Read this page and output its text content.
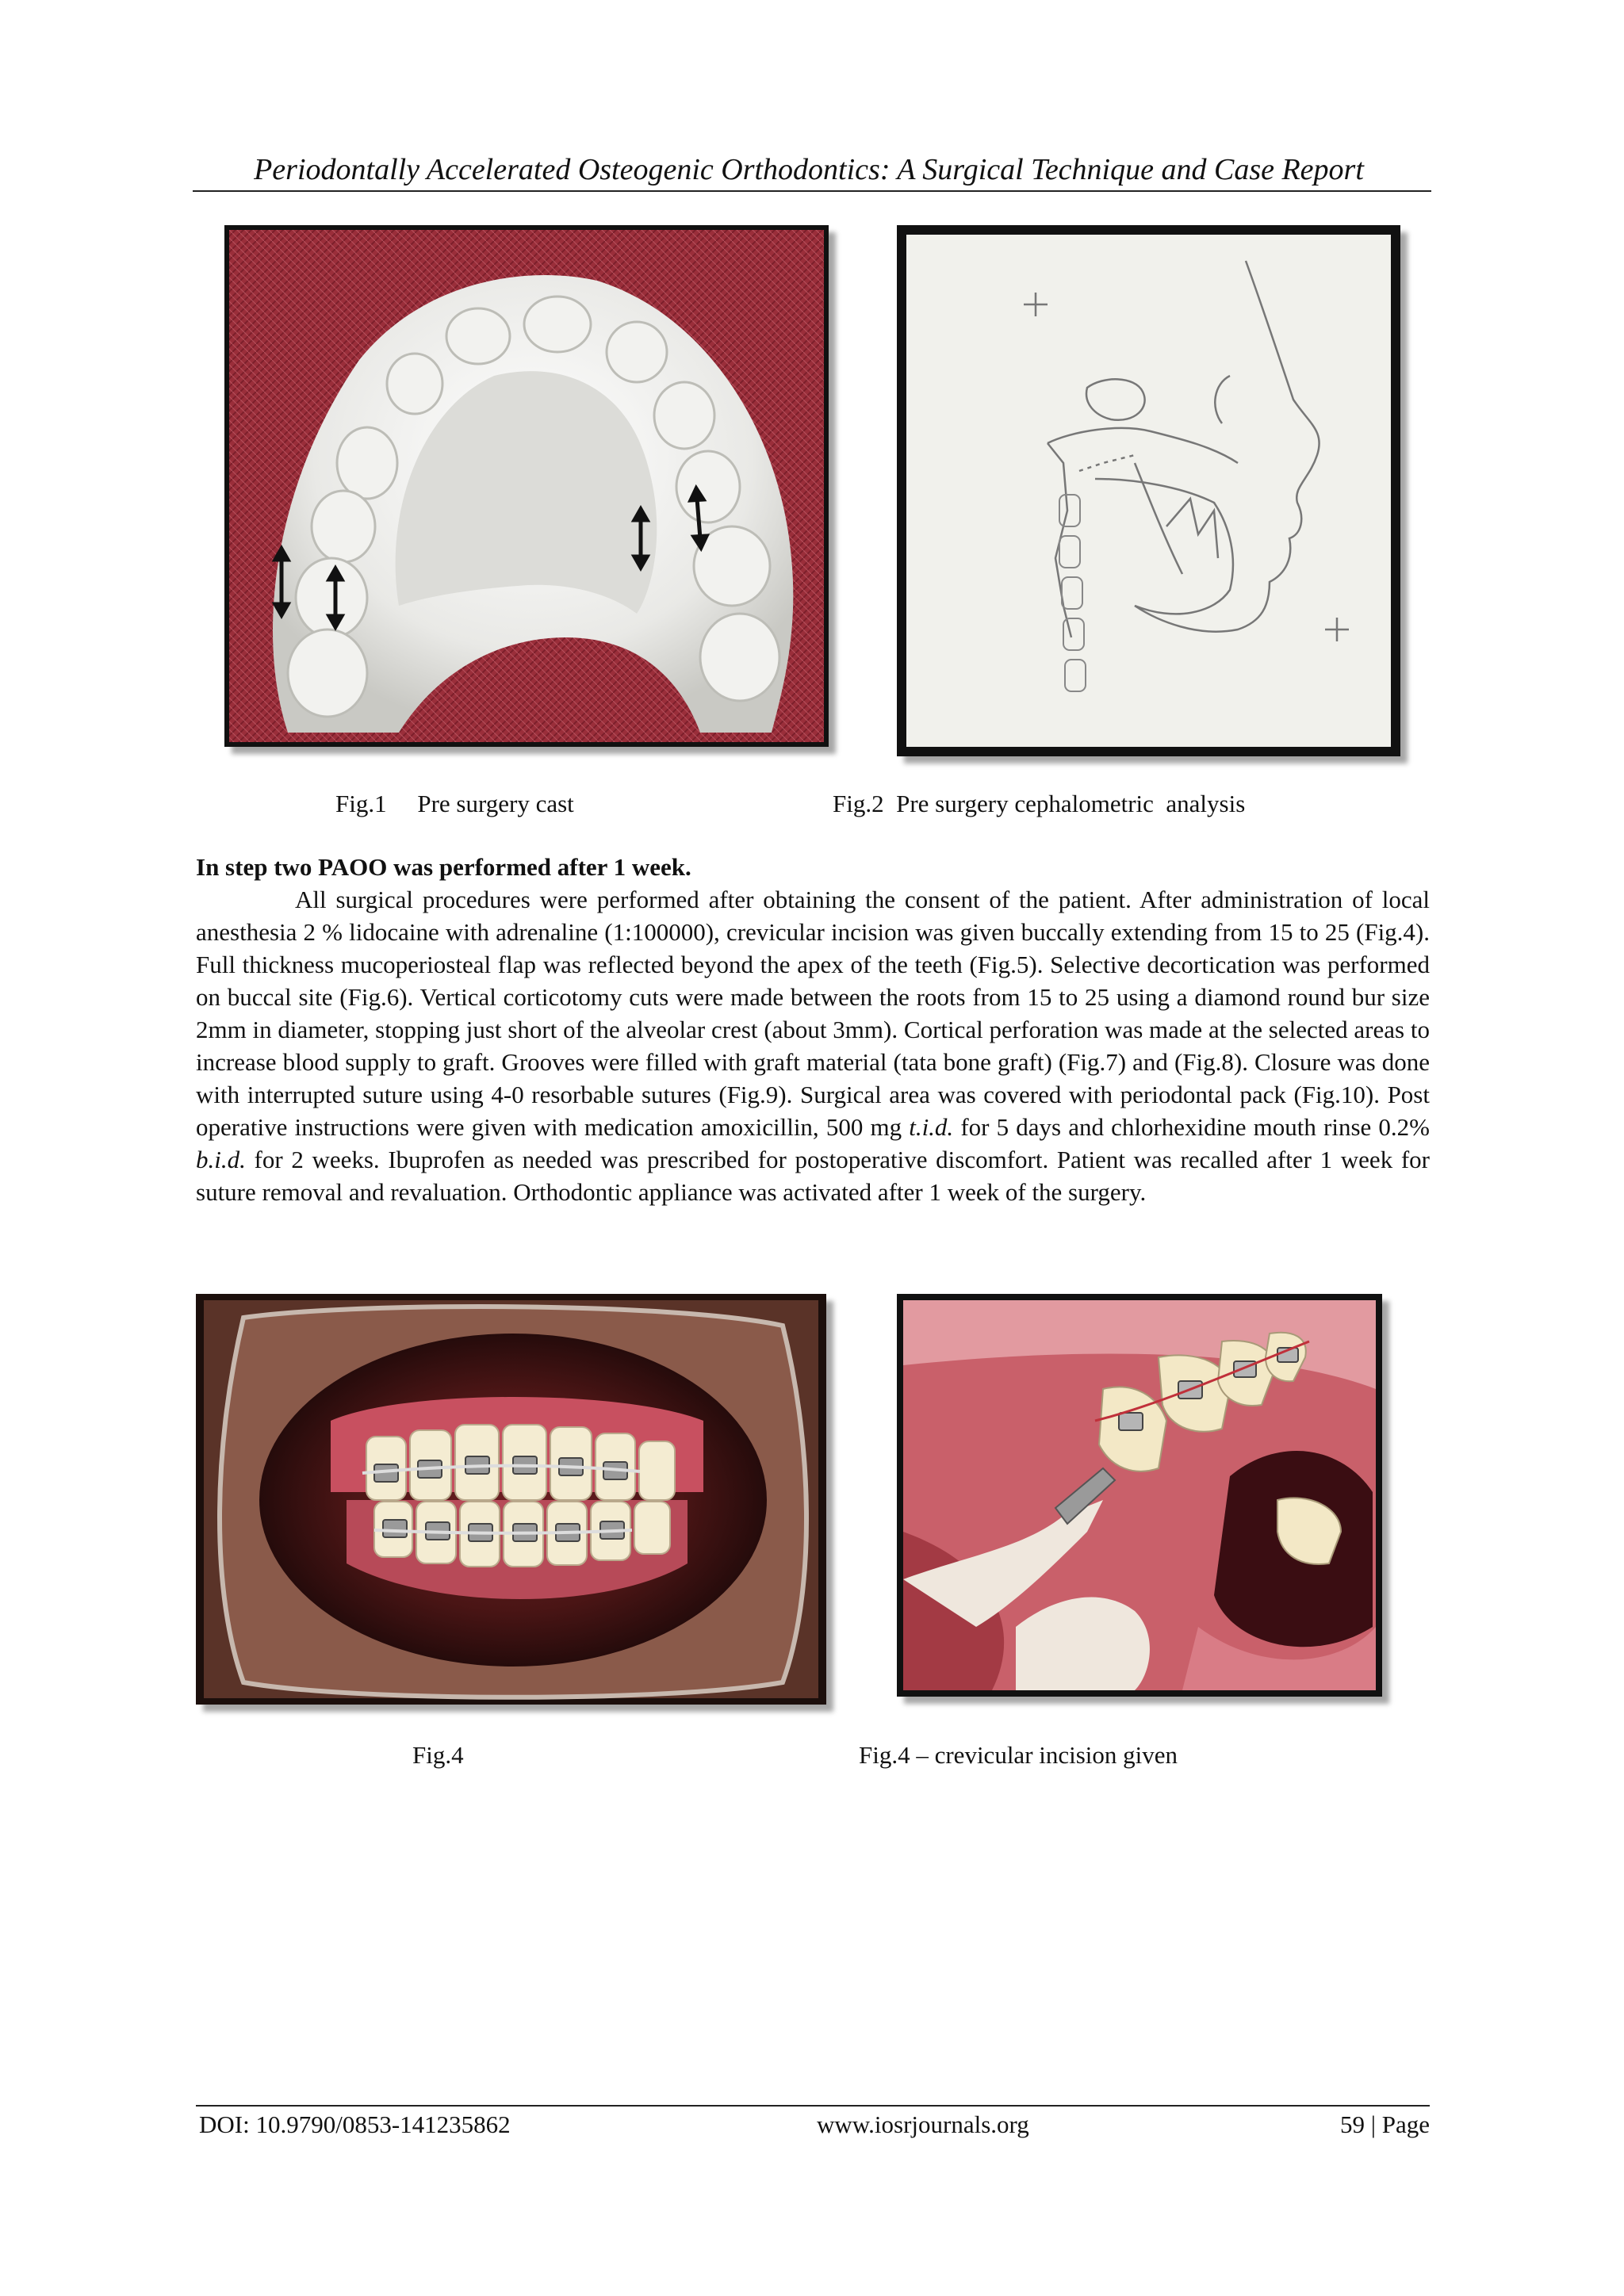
Periodontally Accelerated Osteogenic Orthodontics: A Surgical Technique and Case Report
Fig.1     Pre surgery cast	Fig.2  Pre surgery cephalometric  analysis
In step two PAOO was performed after 1 week.

All surgical procedures were performed after obtaining the consent of the patient. After administration of local anesthesia 2 % lidocaine with adrenaline (1:100000), crevicular incision was given buccally extending from 15 to 25 (Fig.4). Full thickness mucoperiosteal flap was reflected beyond the apex of the teeth (Fig.5). Selective decortication was performed on buccal site (Fig.6). Vertical corticotomy cuts were made between the roots from 15 to 25 using a diamond round bur size 2mm in diameter, stopping just short of the alveolar crest (about 3mm). Cortical perforation was made at the selected areas to increase blood supply to graft. Grooves were filled with graft material (tata bone graft) (Fig.7) and (Fig.8). Closure was done with interrupted suture using 4-0 resorbable sutures (Fig.9). Surgical area was covered with periodontal pack (Fig.10). Post operative instructions were given with medication amoxicillin, 500 mg t.i.d. for 5 days and chlorhexidine mouth rinse 0.2% b.i.d. for 2 weeks. Ibuprofen as needed was prescribed for postoperative discomfort. Patient was recalled after 1 week for suture removal and revaluation. Orthodontic appliance was activated after 1 week of the surgery.

Fig.4	Fig.4 – crevicular incision given
DOI: 10.9790/0853-141235862	www.iosrjournals.org	59 | Page
